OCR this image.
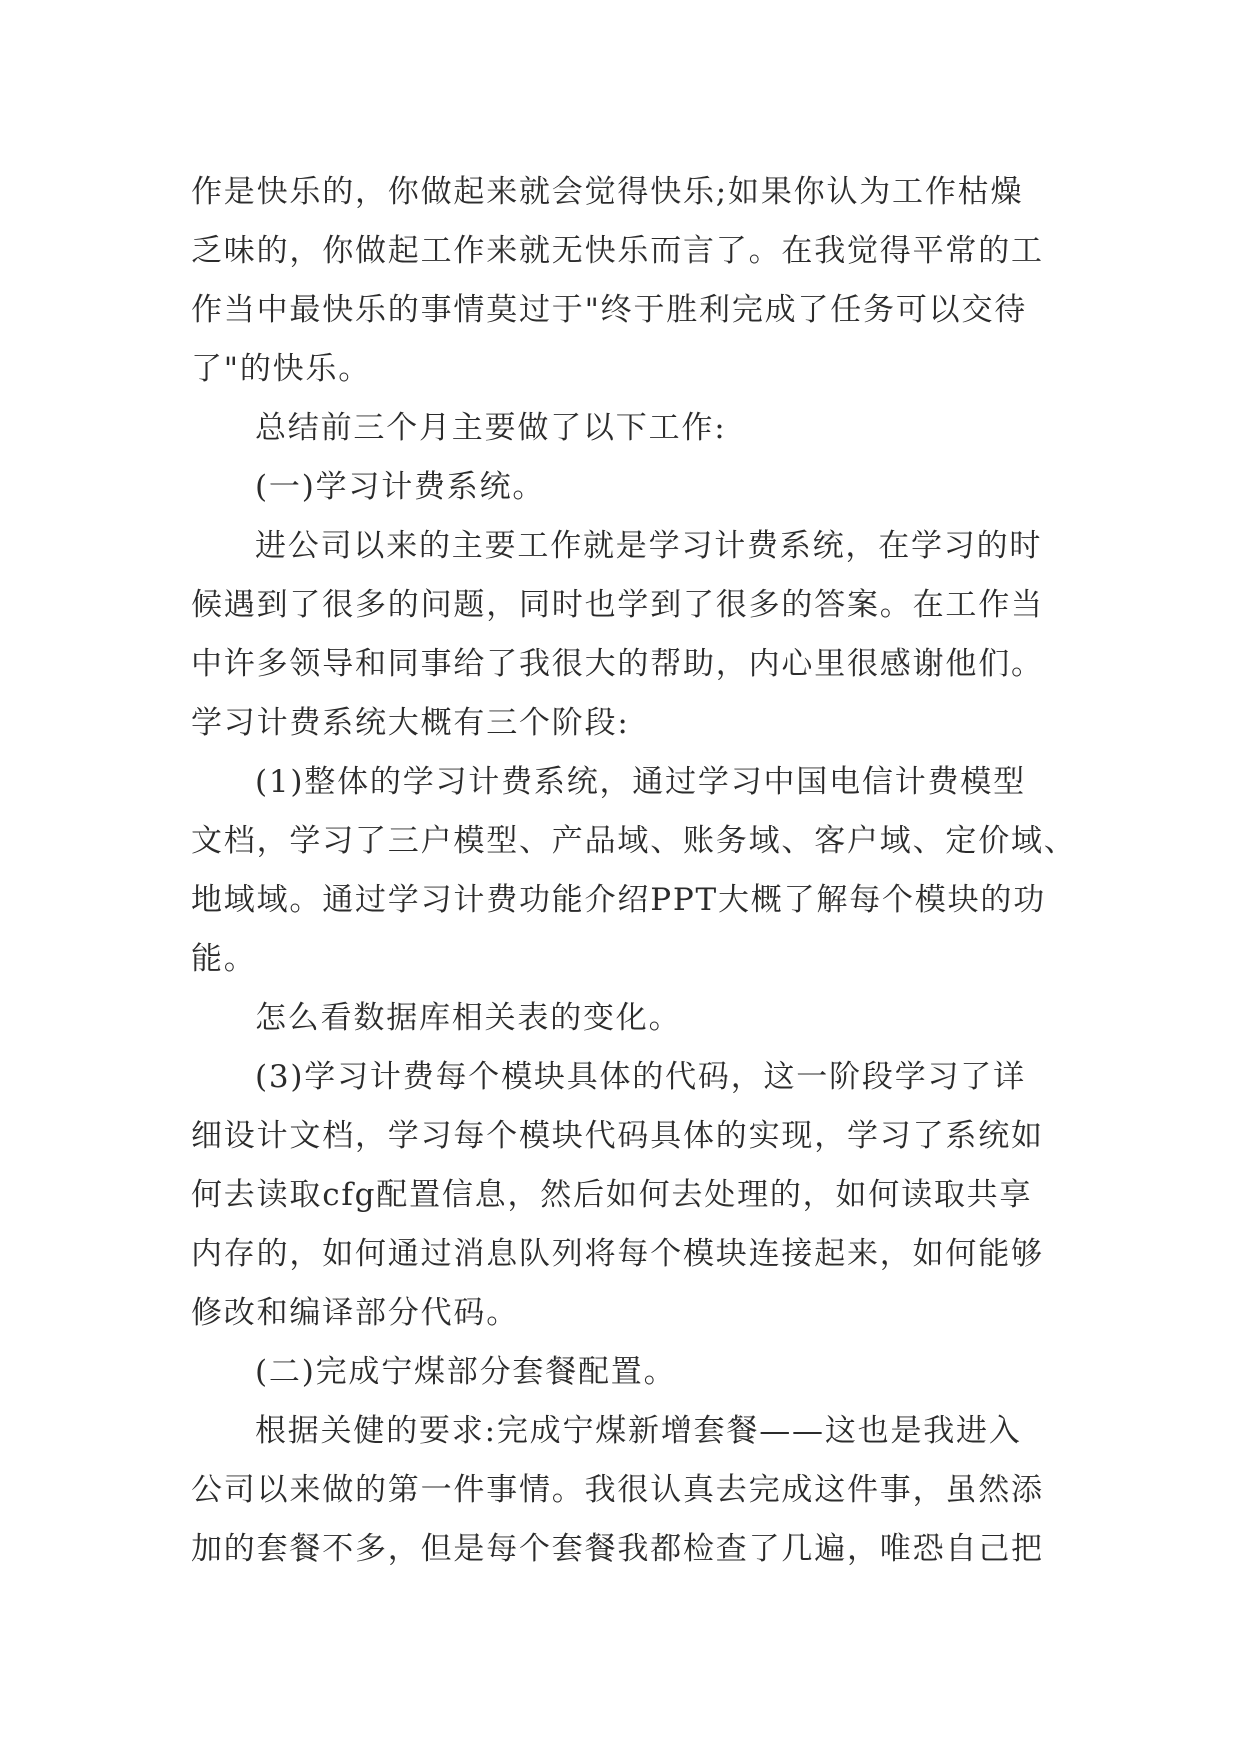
作是快乐的，你做起来就会觉得快乐;如果你认为工作枯燥
乏味的，你做起工作来就无快乐而言了。在我觉得平常的工
作当中最快乐的事情莫过于"终于胜利完成了任务可以交待
了"的快乐。
总结前三个月主要做了以下工作:
(一)学习计费系统。
进公司以来的主要工作就是学习计费系统，在学习的时
候遇到了很多的问题，同时也学到了很多的答案。在工作当
中许多领导和同事给了我很大的帮助，内心里很感谢他们。
学习计费系统大概有三个阶段:
(1)整体的学习计费系统，通过学习中国电信计费模型
文档，学习了三户模型、产品域、账务域、客户域、定价域、
地域域。通过学习计费功能介绍PPT大概了解每个模块的功
能。
怎么看数据库相关表的变化。
(3)学习计费每个模块具体的代码，这一阶段学习了详
细设计文档，学习每个模块代码具体的实现，学习了系统如
何去读取cfg配置信息，然后如何去处理的，如何读取共享
内存的，如何通过消息队列将每个模块连接起来，如何能够
修改和编译部分代码。
(二)完成宁煤部分套餐配置。
根据关健的要求:完成宁煤新增套餐——这也是我进入
公司以来做的第一件事情。我很认真去完成这件事，虽然添
加的套餐不多，但是每个套餐我都检查了几遍，唯恐自己把
